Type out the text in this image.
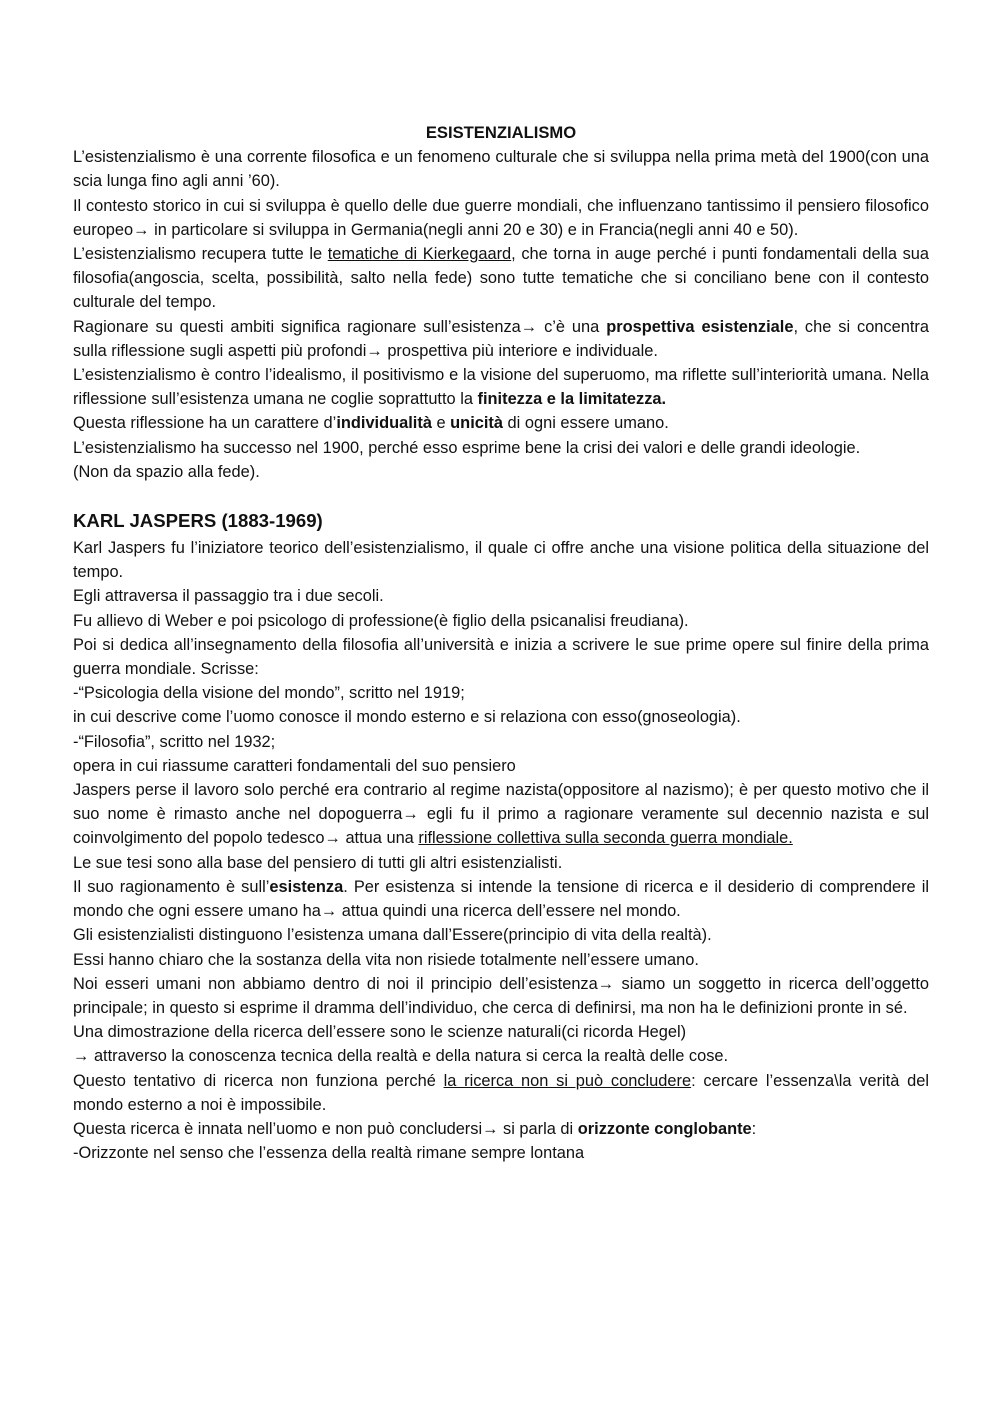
ESISTENZIALISMO

L’esistenzialismo è una corrente filosofica e un fenomeno culturale che si sviluppa nella prima metà del 1900(con una scia lunga fino agli anni ’60).

Il contesto storico in cui si sviluppa è quello delle due guerre mondiali, che influenzano tantissimo il pensiero filosofico europeo→ in particolare si sviluppa in Germania(negli anni 20 e 30) e in Francia(negli anni 40 e 50).

L’esistenzialismo recupera tutte le tematiche di Kierkegaard, che torna in auge perché i punti fondamentali della sua filosofia(angoscia, scelta, possibilità, salto nella fede) sono tutte tematiche che si conciliano bene con il contesto culturale del tempo.

Ragionare su questi ambiti significa ragionare sull’esistenza→ c’è una prospettiva esistenziale, che si concentra sulla riflessione sugli aspetti più profondi→ prospettiva più interiore e individuale.

L’esistenzialismo è contro l’idealismo, il positivismo e la visione del superuomo, ma riflette sull’interiorità umana. Nella riflessione sull’esistenza umana ne coglie soprattutto la finitezza e la limitatezza.

Questa riflessione ha un carattere d’individualità e unicità di ogni essere umano.

L’esistenzialismo ha successo nel 1900, perché esso esprime bene la crisi dei valori e delle grandi ideologie.

(Non da spazio alla fede).

KARL JASPERS (1883-1969)

Karl Jaspers fu l’iniziatore teorico dell’esistenzialismo, il quale ci offre anche una visione politica della situazione del tempo.

Egli attraversa il passaggio tra i due secoli.

Fu allievo di Weber e poi psicologo di professione(è figlio della psicanalisi freudiana).

Poi si dedica all’insegnamento della filosofia all’università e inizia a scrivere le sue prime opere sul finire della prima guerra mondiale. Scrisse:

-“Psicologia della visione del mondo”, scritto nel 1919;

in cui descrive come l’uomo conosce il mondo esterno e si relaziona con esso(gnoseologia).

-“Filosofia”, scritto nel 1932;

opera in cui riassume caratteri fondamentali del suo pensiero

Jaspers perse il lavoro solo perché era contrario al regime nazista(oppositore al nazismo); è per questo motivo che il suo nome è rimasto anche nel dopoguerra→ egli fu il primo a ragionare veramente sul decennio nazista e sul coinvolgimento del popolo tedesco→ attua una riflessione collettiva sulla seconda guerra mondiale.

Le sue tesi sono alla base del pensiero di tutti gli altri esistenzialisti.

Il suo ragionamento è sull’esistenza. Per esistenza si intende la tensione di ricerca e il desiderio di comprendere il mondo che ogni essere umano ha→ attua quindi una ricerca dell’essere nel mondo.

Gli esistenzialisti distinguono l’esistenza umana dall’Essere(principio di vita della realtà).

Essi hanno chiaro che la sostanza della vita non risiede totalmente nell’essere umano.

Noi esseri umani non abbiamo dentro di noi il principio dell’esistenza→ siamo un soggetto in ricerca dell’oggetto principale; in questo si esprime il dramma dell’individuo, che cerca di definirsi, ma non ha le definizioni pronte in sé.

Una dimostrazione della ricerca dell’essere sono le scienze naturali(ci ricorda Hegel)

→ attraverso la conoscenza tecnica della realtà e della natura si cerca la realtà delle cose.

Questo tentativo di ricerca non funziona perché la ricerca non si può concludere: cercare l’essenza\la verità del mondo esterno a noi è impossibile.

Questa ricerca è innata nell’uomo e non può concludersi→ si parla di orizzonte conglobante:

-Orizzonte nel senso che l’essenza della realtà rimane sempre lontana
